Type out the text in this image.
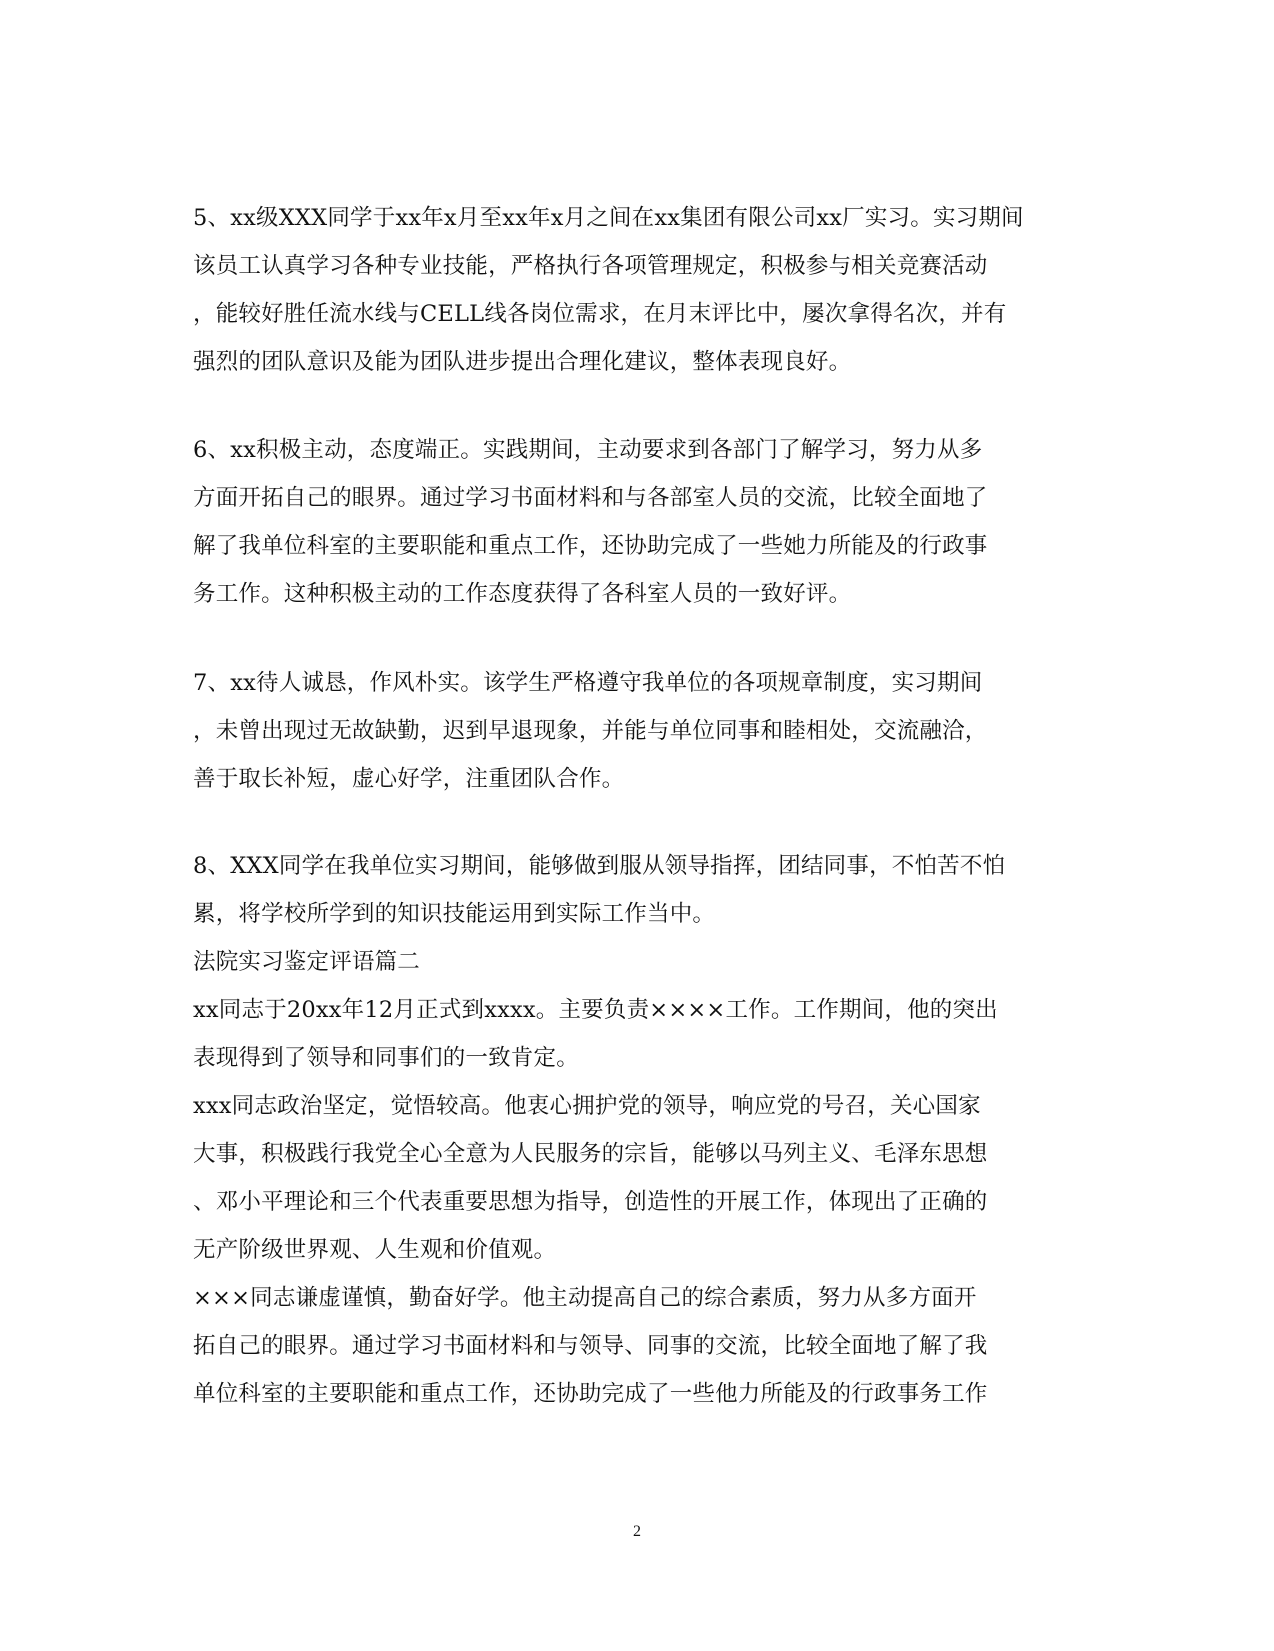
5、xx级XXX同学于xx年x月至xx年x月之间在xx集团有限公司xx厂实习。实习期间
该员工认真学习各种专业技能，严格执行各项管理规定，积极参与相关竞赛活动
，能较好胜任流水线与CELL线各岗位需求，在月末评比中，屡次拿得名次，并有
强烈的团队意识及能为团队进步提出合理化建议，整体表现良好。
6、xx积极主动，态度端正。实践期间，主动要求到各部门了解学习，努力从多
方面开拓自己的眼界。通过学习书面材料和与各部室人员的交流，比较全面地了
解了我单位科室的主要职能和重点工作，还协助完成了一些她力所能及的行政事
务工作。这种积极主动的工作态度获得了各科室人员的一致好评。
7、xx待人诚恳，作风朴实。该学生严格遵守我单位的各项规章制度，实习期间
，未曾出现过无故缺勤，迟到早退现象，并能与单位同事和睦相处，交流融洽，
善于取长补短，虚心好学，注重团队合作。
8、XXX同学在我单位实习期间，能够做到服从领导指挥，团结同事，不怕苦不怕
累，将学校所学到的知识技能运用到实际工作当中。
法院实习鉴定评语篇二
xx同志于20xx年12月正式到xxxx。主要负责××××工作。工作期间，他的突出
表现得到了领导和同事们的一致肯定。
xxx同志政治坚定，觉悟较高。他衷心拥护党的领导，响应党的号召，关心国家
大事，积极践行我党全心全意为人民服务的宗旨，能够以马列主义、毛泽东思想
、邓小平理论和三个代表重要思想为指导，创造性的开展工作，体现出了正确的
无产阶级世界观、人生观和价值观。
×××同志谦虚谨慎，勤奋好学。他主动提高自己的综合素质，努力从多方面开
拓自己的眼界。通过学习书面材料和与领导、同事的交流，比较全面地了解了我
单位科室的主要职能和重点工作，还协助完成了一些他力所能及的行政事务工作
2
